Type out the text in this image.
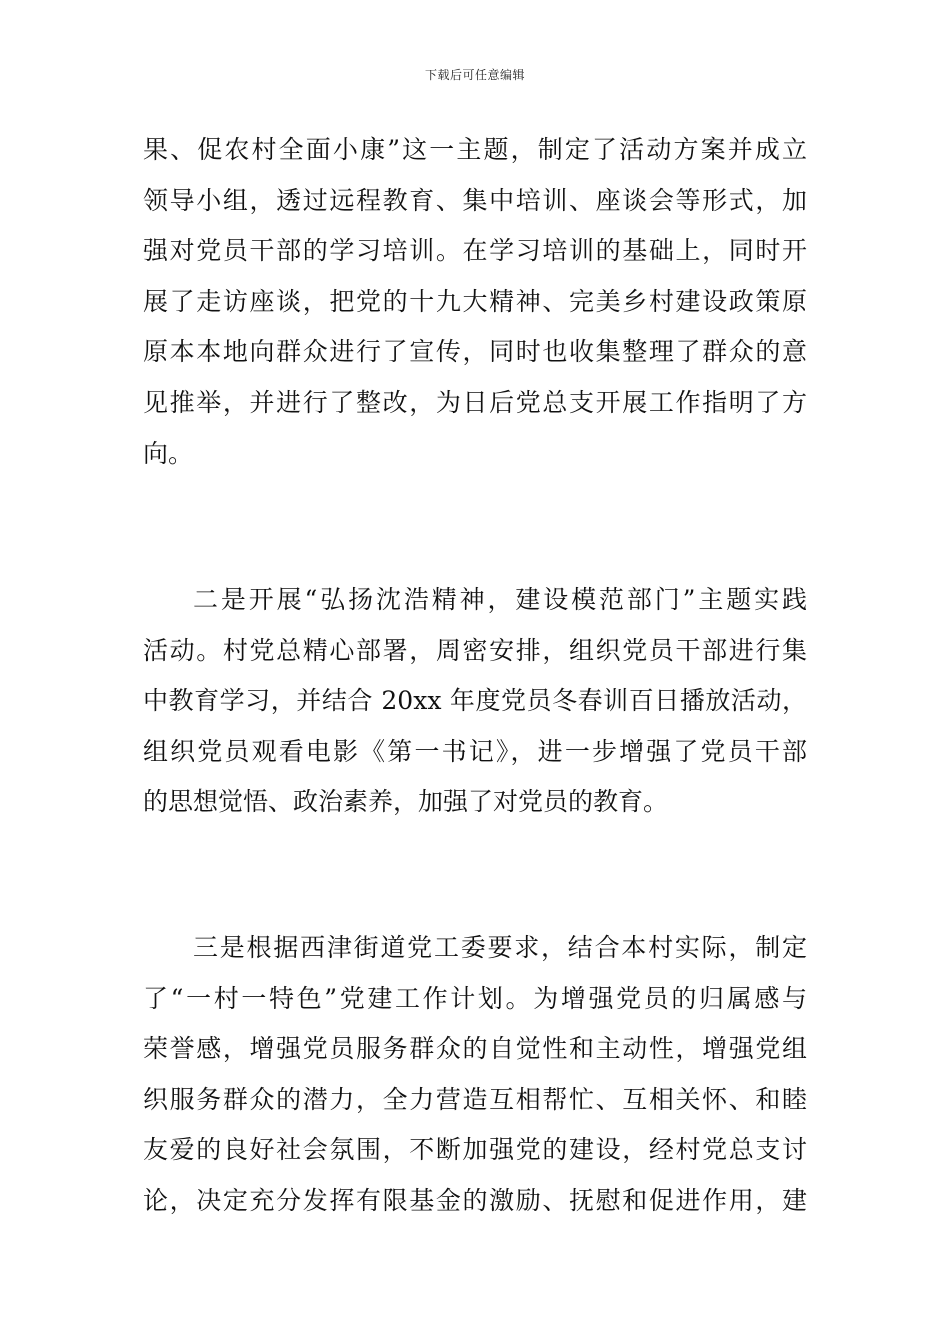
下载后可任意编辑
果、促农村全面小康”这一主题，制定了活动方案并成立
领导小组，透过远程教育、集中培训、座谈会等形式，加
强对党员干部的学习培训。在学习培训的基础上，同时开
展了走访座谈，把党的十九大精神、完美乡村建设政策原
原本本地向群众进行了宣传，同时也收集整理了群众的意
见推举，并进行了整改，为日后党总支开展工作指明了方
向。
二是开展“弘扬沈浩精神，建设模范部门”主题实践
活动。村党总精心部署，周密安排，组织党员干部进行集
中教育学习，并结合 20xx 年度党员冬春训百日播放活动，
组织党员观看电影《第一书记》，进一步增强了党员干部
的思想觉悟、政治素养，加强了对党员的教育。
三是根据西津街道党工委要求，结合本村实际，制定
了“一村一特色”党建工作计划。为增强党员的归属感与
荣誉感，增强党员服务群众的自觉性和主动性，增强党组
织服务群众的潜力，全力营造互相帮忙、互相关怀、和睦
友爱的良好社会氛围，不断加强党的建设，经村党总支讨
论，决定充分发挥有限基金的激励、抚慰和促进作用，建
